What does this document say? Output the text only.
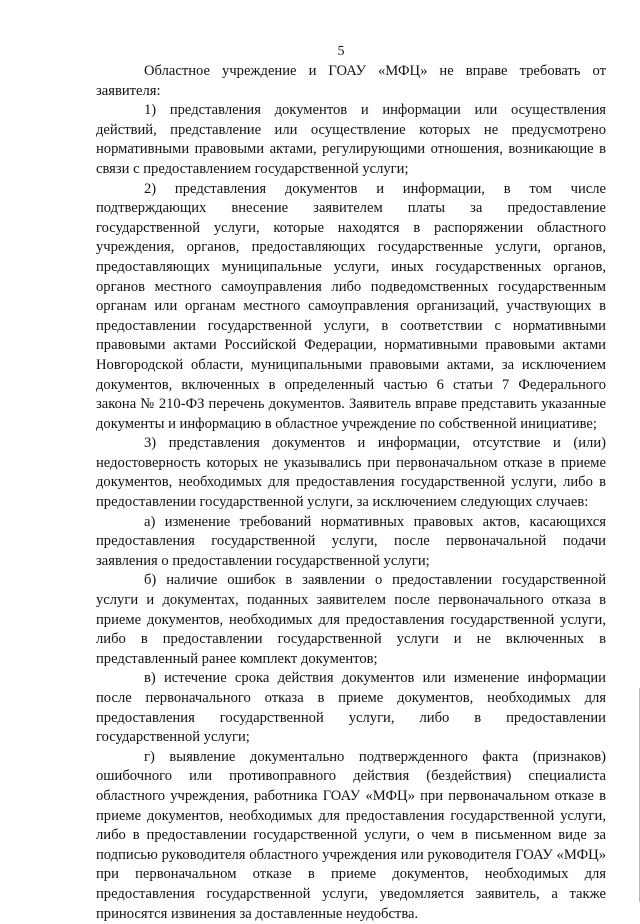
5

Областное учреждение и ГОАУ «МФЦ» не вправе требовать от заявителя:

1) представления документов и информации или осуществления действий, представление или осуществление которых не предусмотрено нормативными правовыми актами, регулирующими отношения, возникающие в связи с предоставлением государственной услуги;

2) представления документов и информации, в том числе подтверждающих внесение заявителем платы за предоставление государственной услуги, которые находятся в распоряжении областного учреждения, органов, предоставляющих государственные услуги, органов, предоставляющих муниципальные услуги, иных государственных органов, органов местного самоуправления либо подведомственных государственным органам или органам местного самоуправления организаций, участвующих в предоставлении государственной услуги, в соответствии с нормативными правовыми актами Российской Федерации, нормативными правовыми актами Новгородской области, муниципальными правовыми актами, за исключением документов, включенных в определенный частью 6 статьи 7 Федерального закона № 210-ФЗ перечень документов. Заявитель вправе представить указанные документы и информацию в областное учреждение по собственной инициативе;

3) представления документов и информации, отсутствие и (или) недостоверность которых не указывались при первоначальном отказе в приеме документов, необходимых для предоставления государственной услуги, либо в предоставлении государственной услуги, за исключением следующих случаев:

а) изменение требований нормативных правовых актов, касающихся предоставления государственной услуги, после первоначальной подачи заявления о предоставлении государственной услуги;

б) наличие ошибок в заявлении о предоставлении государственной услуги и документах, поданных заявителем после первоначального отказа в приеме документов, необходимых для предоставления государственной услуги, либо в предоставлении государственной услуги и не включенных в представленный ранее комплект документов;

в) истечение срока действия документов или изменение информации после первоначального отказа в приеме документов, необходимых для предоставления государственной услуги, либо в предоставлении государственной услуги;

г) выявление документально подтвержденного факта (признаков) ошибочного или противоправного действия (бездействия) специалиста областного учреждения, работника ГОАУ «МФЦ» при первоначальном отказе в приеме документов, необходимых для предоставления государственной услуги, либо в предоставлении государственной услуги, о чем в письменном виде за подписью руководителя областного учреждения или руководителя ГОАУ «МФЦ» при первоначальном отказе в приеме документов, необходимых для предоставления государственной услуги, уведомляется заявитель, а также приносятся извинения за доставленные неудобства.
